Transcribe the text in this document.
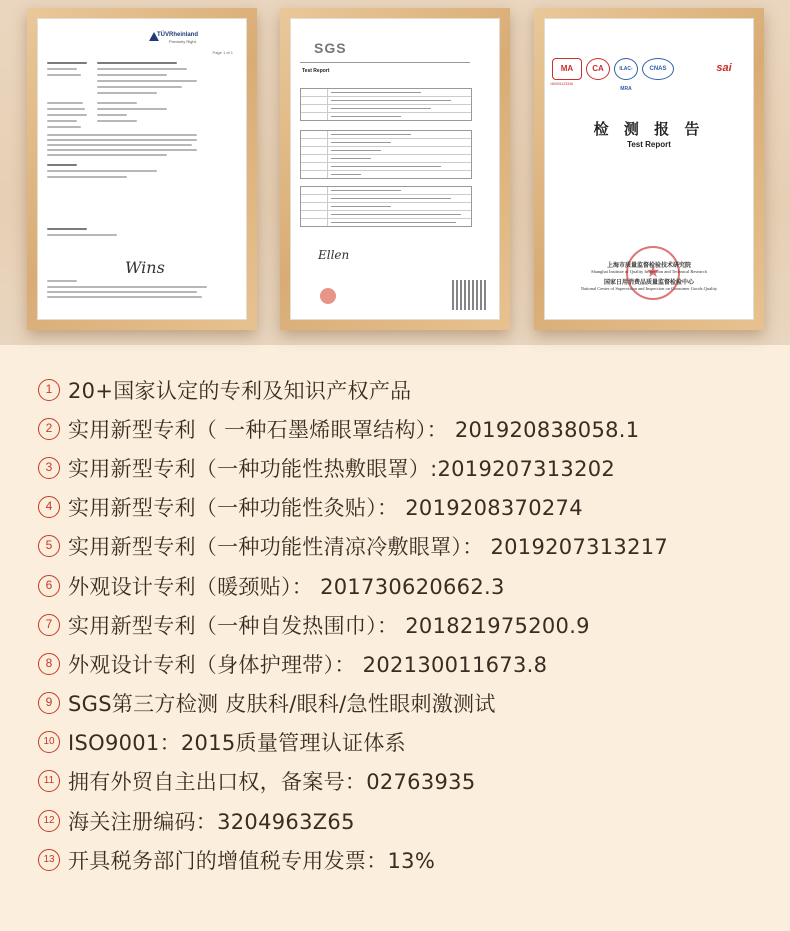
TÜVRheinland
Precisely Right.
Page 1 of 1
Wins
SGS
Test Report
Ellen
MA	CA	ILAC-MRA
CNAS	sai
180001123346
检 测 报 告
Test Report
★
上海市质量监督检验技术研究院
Shanghai Institute of Quality Inspection and Technical Research
国家日用消费品质量监督检验中心
National Center of Supervision and Inspection on Consumer Goods Quality
1 20+国家认定的专利及知识产权产品
2 实用新型专利（ 一种石墨烯眼罩结构）： 201920838058.1
3 实用新型专利（一种功能性热敷眼罩）:2019207313202
4 实用新型专利（一种功能性灸贴）： 2019208370274
5 实用新型专利（一种功能性清凉冷敷眼罩）： 2019207313217
6 外观设计专利（暖颈贴）： 201730620662.3
7 实用新型专利（一种自发热围巾）： 201821975200.9
8 外观设计专利（身体护理带）： 202130011673.8
9 SGS第三方检测 皮肤科/眼科/急性眼刺激测试
10 ISO9001：2015质量管理认证体系
11 拥有外贸自主出口权，备案号：02763935
12 海关注册编码：3204963Z65
13 开具税务部门的增值税专用发票：13%
